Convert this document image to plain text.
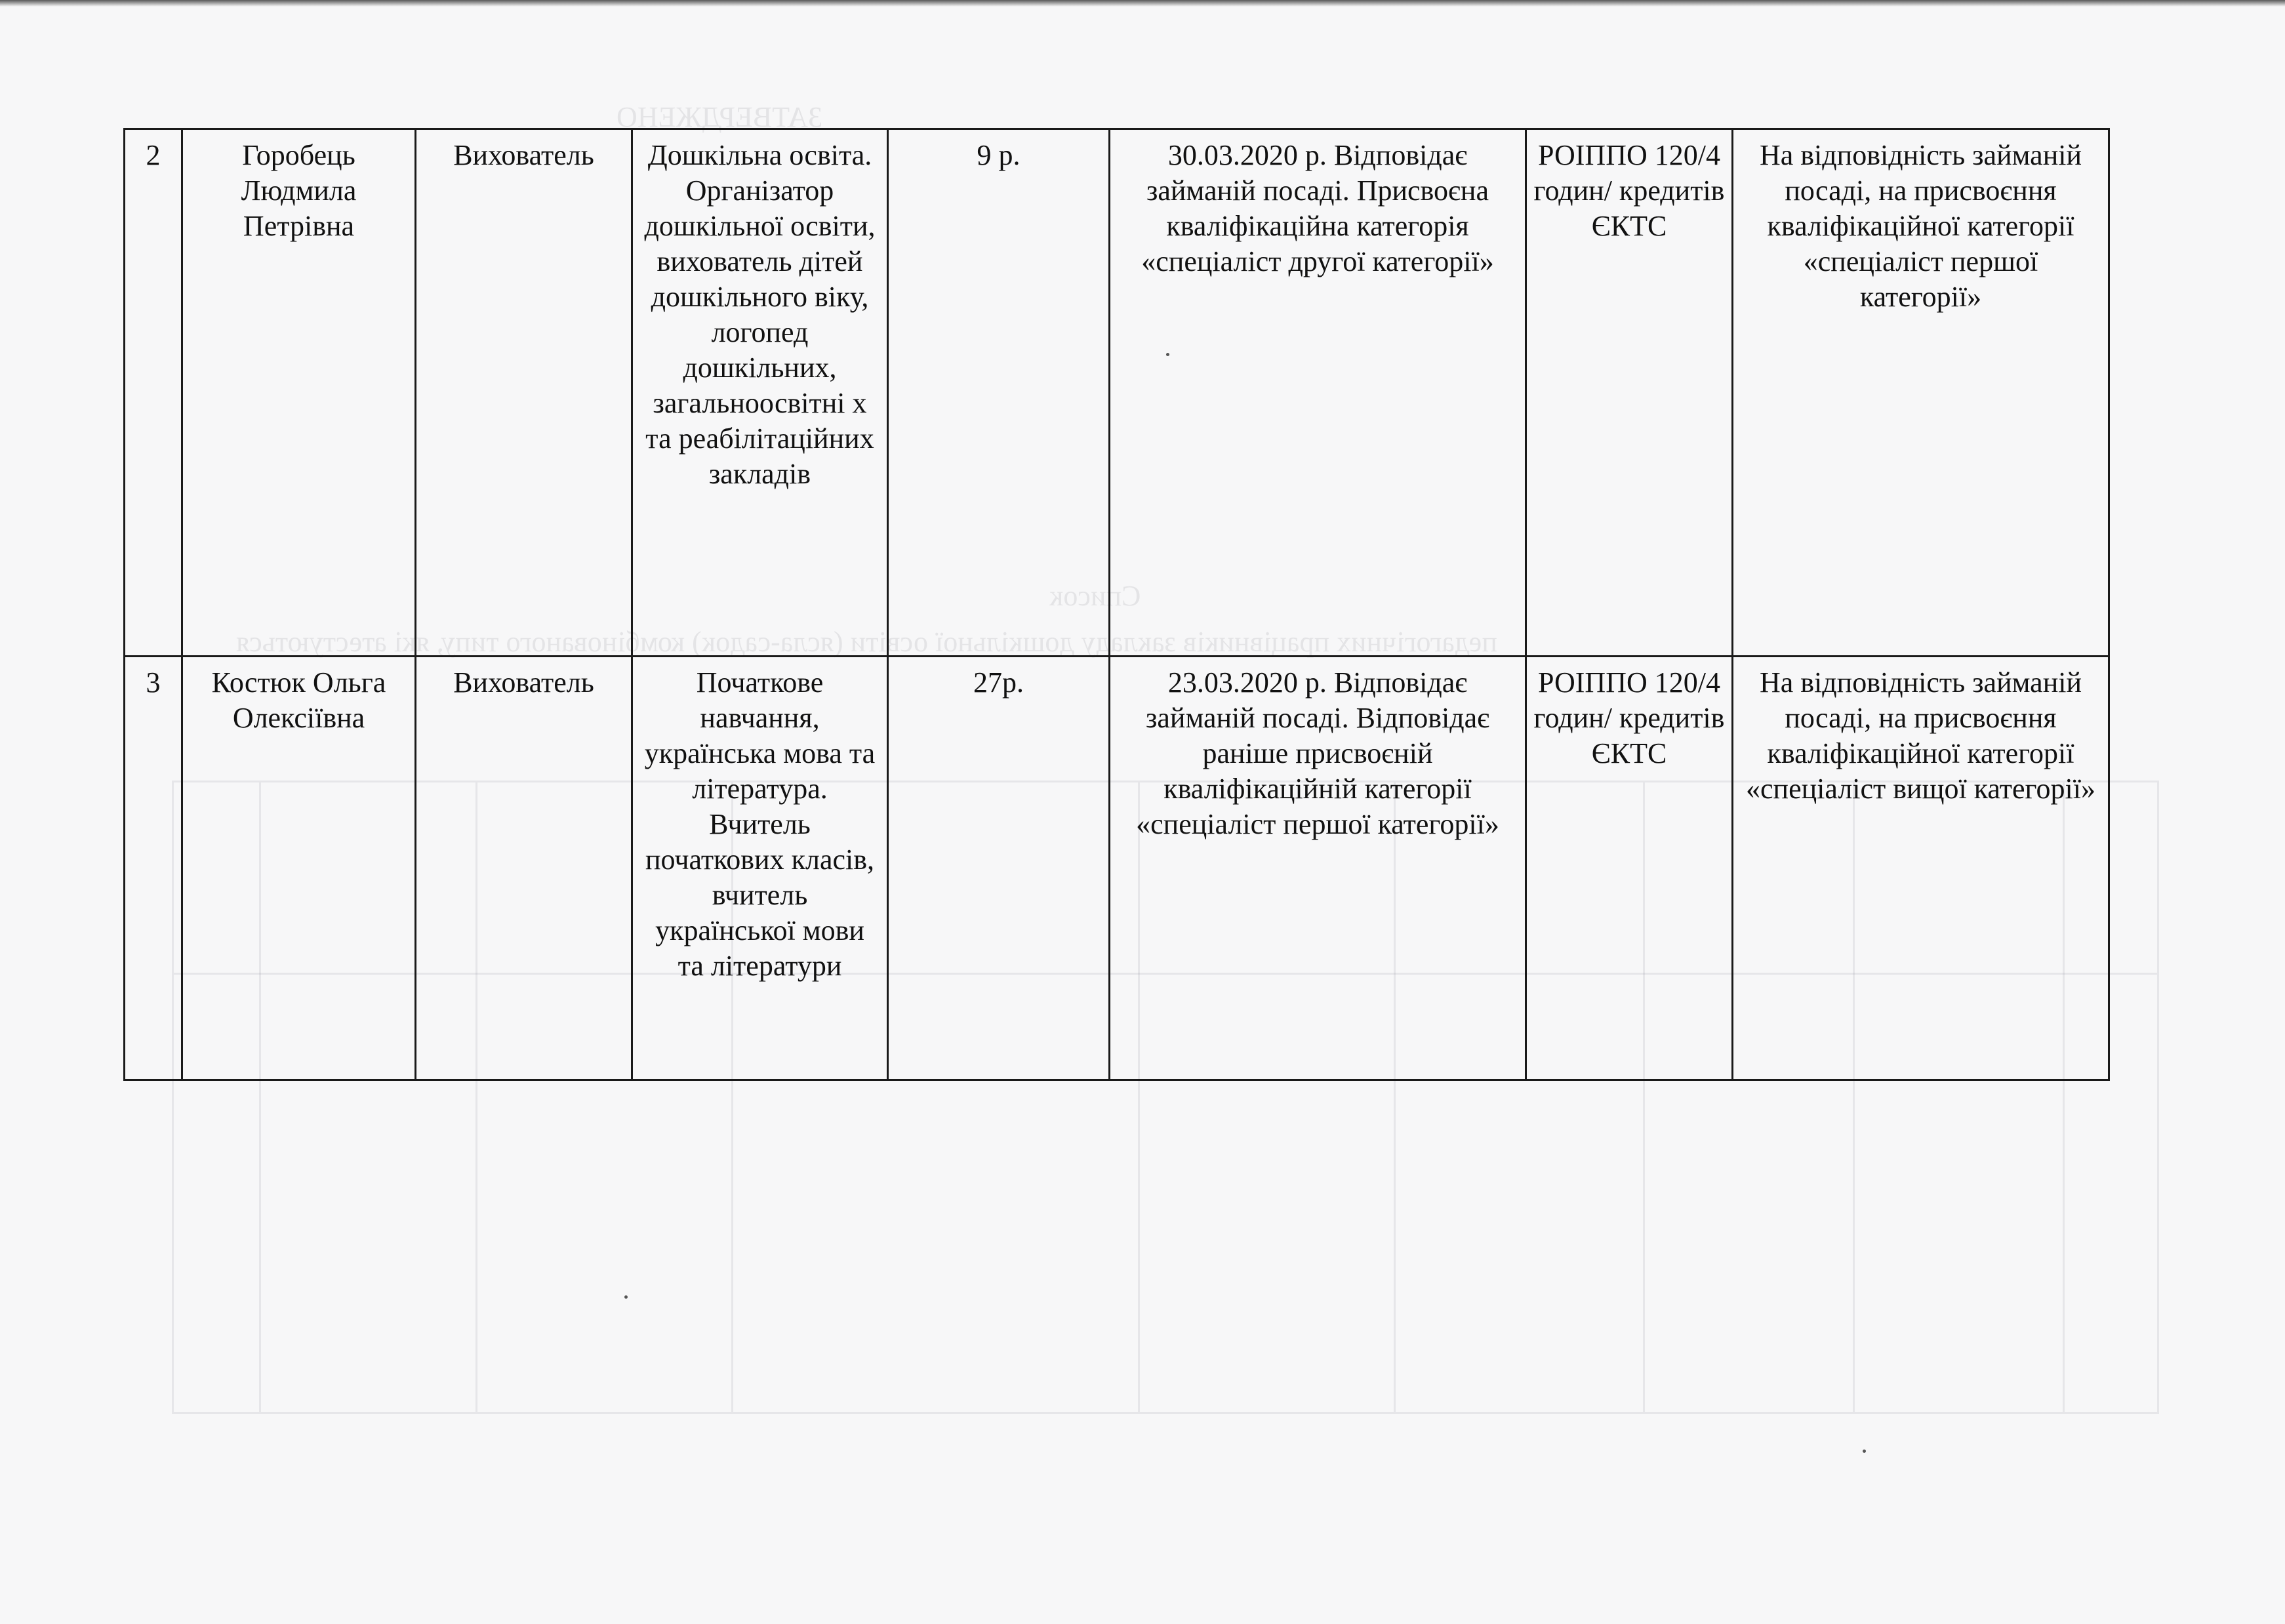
ЗАТВЕРДЖЕНО
Список
педагогічних працівників закладу дошкільної освіти (ясла-садок) комбінованого типу, які атестуються
2	Горобець Людмила Петрівна	Вихователь	Дошкільна освіта. Організатор дошкільної освіти, вихователь дітей дошкільного віку, логопед дошкільних, загальноосвітні х та реабілітаційних закладів	9 р.	30.03.2020 р. Відповідає займаній посаді. Присвоєна кваліфікаційна категорія «спеціаліст другої категорії»	РОІППО 120/4 годин/ кредитів ЄКТС	На відповідність займаній посаді, на присвоєння кваліфікаційної категорії «спеціаліст першої категорії»
3	Костюк Ольга Олексіївна	Вихователь	Початкове навчання, українська мова та література. Вчитель початкових класів, вчитель української мови та літератури	27р.	23.03.2020 р. Відповідає займаній посаді. Відповідає раніше присвоєній кваліфікаційній категорії «спеціаліст першої категорії»	РОІППО 120/4 годин/ кредитів ЄКТС	На відповідність займаній посаді, на присвоєння кваліфікаційної категорії «спеціаліст вищої категорії»
